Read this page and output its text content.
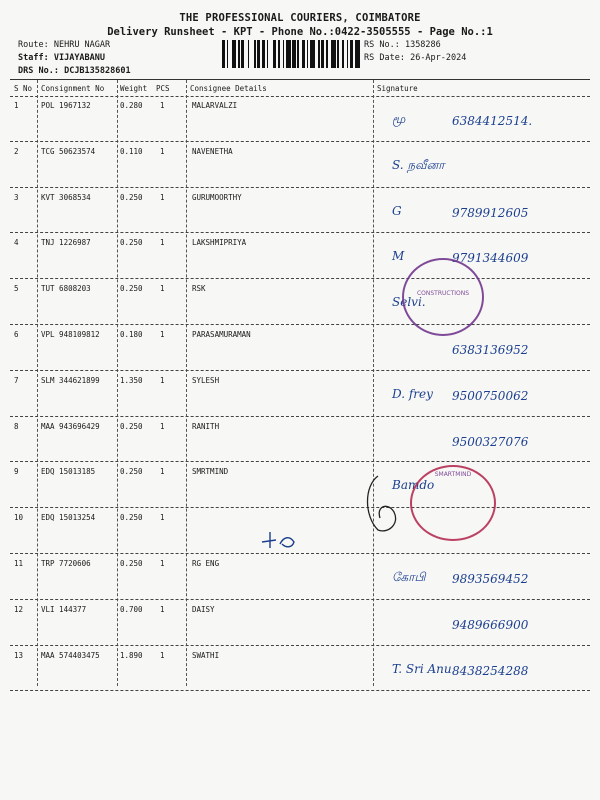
THE PROFESSIONAL COURIERS, COIMBATORE
Delivery Runsheet - KPT - Phone No.:0422-3505555 - Page No.:1
Route: NEHRU NAGAR
Staff: VIJAYABANU
DRS No.: DCJB135828601
RS No.: 1358286
RS Date: 26-Apr-2024
S No Consignment No Weight PCS	Consignee Details	Signature
1	POL 1967132	0.280 1	MALARVALZI
மூ	6384412514.
2	TCG 50623574	0.110 1	NAVENETHA
S. நவீனா
3	KVT 3068534	0.250 1	GURUMOORTHY
G	9789912605
4	TNJ 1226987	0.250 1	LAKSHMIPRIYA
M	9791344609
5	TUT 6808203	0.250 1	RSK
Selvi.
6	VPL 948109812	0.180 1	PARASAMURAMAN
6383136952
7	SLM 344621899	1.350 1	SYLESH
D. frey 9500750062
8	MAA 943696429	0.250 1	RANITH
9500327076
9	EDQ 15013185	0.250 1	SMRTMIND
Bamdo
10 EDQ 15013254	0.250 1
11 TRP 7720606	0.250 1	RG ENG
கோபி 9893569452
12 VLI 144377	0.700 1	DAISY
9489666900
13 MAA 574403475	1.890 1	SWATHI
T. Sri Anu 8438254288
CONSTRUCTIONS
SMARTMIND
